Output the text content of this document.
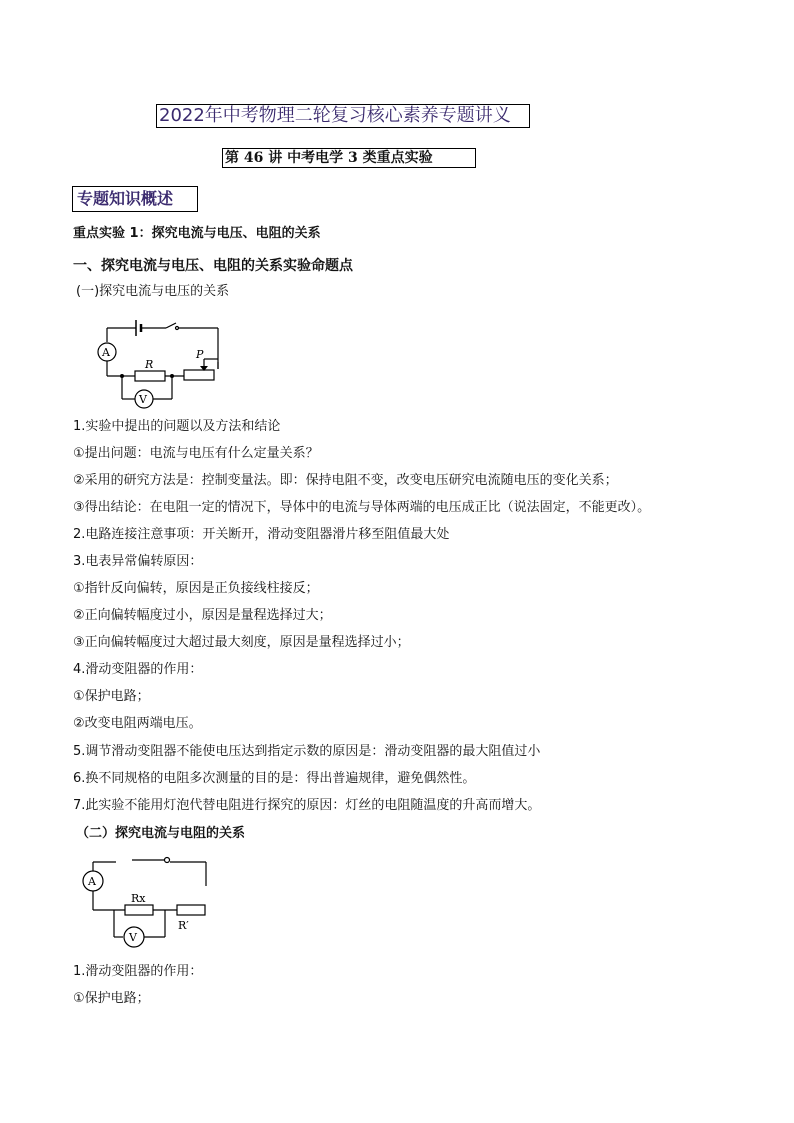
2022年中考物理二轮复习核心素养专题讲义
第 46 讲 中考电学 3 类重点实验
专题知识概述
重点实验 1：探究电流与电压、电阻的关系
一、探究电流与电压、电阻的关系实验命题点
(一)探究电流与电压的关系
A
V
R
P
1.实验中提出的问题以及方法和结论
①提出问题：电流与电压有什么定量关系？
②采用的研究方法是：控制变量法。即：保持电阻不变，改变电压研究电流随电压的变化关系；
③得出结论：在电阻一定的情况下，导体中的电流与导体两端的电压成正比（说法固定，不能更改）。
2.电路连接注意事项：开关断开，滑动变阻器滑片移至阻值最大处
3.电表异常偏转原因：
①指针反向偏转，原因是正负接线柱接反；
②正向偏转幅度过小，原因是量程选择过大；
③正向偏转幅度过大超过最大刻度，原因是量程选择过小；
4.滑动变阻器的作用：
①保护电路；
②改变电阻两端电压。
5.调节滑动变阻器不能使电压达到指定示数的原因是：滑动变阻器的最大阻值过小
6.换不同规格的电阻多次测量的目的是：得出普遍规律，避免偶然性。
7.此实验不能用灯泡代替电阻进行探究的原因：灯丝的电阻随温度的升高而增大。
（二）探究电流与电阻的关系
A
V
Rx
R′
1.滑动变阻器的作用：
①保护电路；
